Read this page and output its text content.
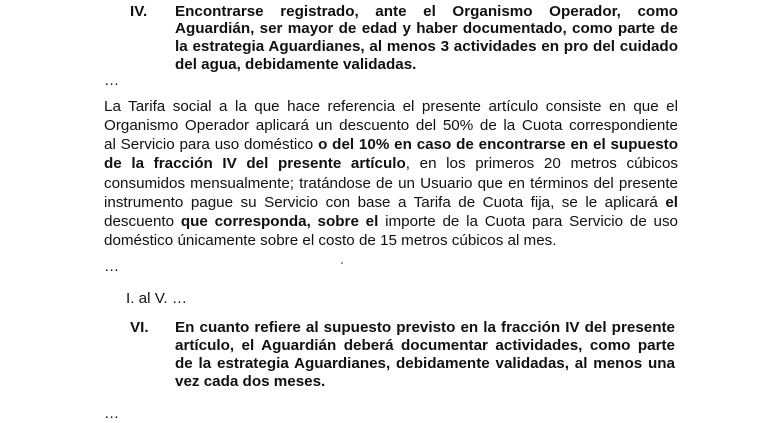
IV. Encontrarse registrado, ante el Organismo Operador, como
Aguardián, ser mayor de edad y haber documentado, como parte de
la estrategia Aguardianes, al menos 3 actividades en pro del cuidado
del agua, debidamente validadas.
…
La Tarifa social a la que hace referencia el presente artículo consiste en que el
Organismo Operador aplicará un descuento del 50% de la Cuota correspondiente
al Servicio para uso doméstico o del 10% en caso de encontrarse en el supuesto
de la fracción IV del presente artículo, en los primeros 20 metros cúbicos
consumidos mensualmente; tratándose de un Usuario que en términos del presente
instrumento pague su Servicio con base a Tarifa de Cuota fija, se le aplicará el
descuento que corresponda, sobre el importe de la Cuota para Servicio de uso
doméstico únicamente sobre el costo de 15 metros cúbicos al mes.
…
I. al V. …
VI. En cuanto refiere al supuesto previsto en la fracción IV del presente
artículo, el Aguardián deberá documentar actividades, como parte
de la estrategia Aguardianes, debidamente validadas, al menos una
vez cada dos meses.
…
